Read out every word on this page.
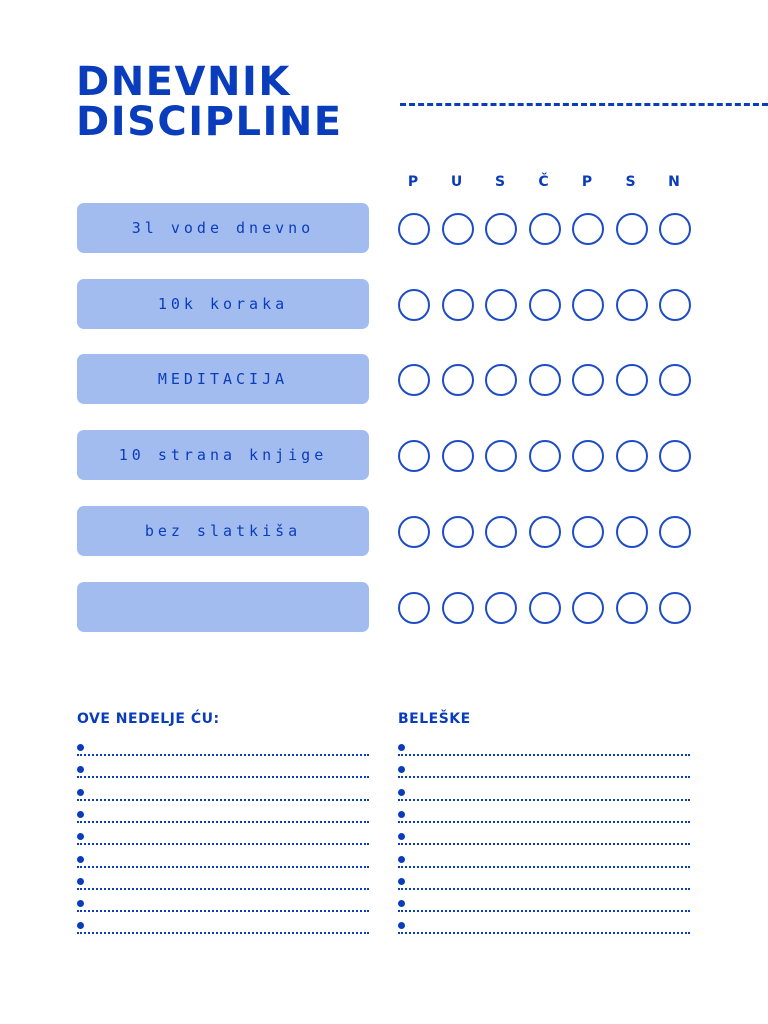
DNEVNIK
DISCIPLINE
P	U	S	Č	P	S	N
3l vode dnevno
10k koraka
MEDITACIJA
10 strana knjige
bez slatkiša
OVE NEDELJE ĆU:	BELEŠKE
